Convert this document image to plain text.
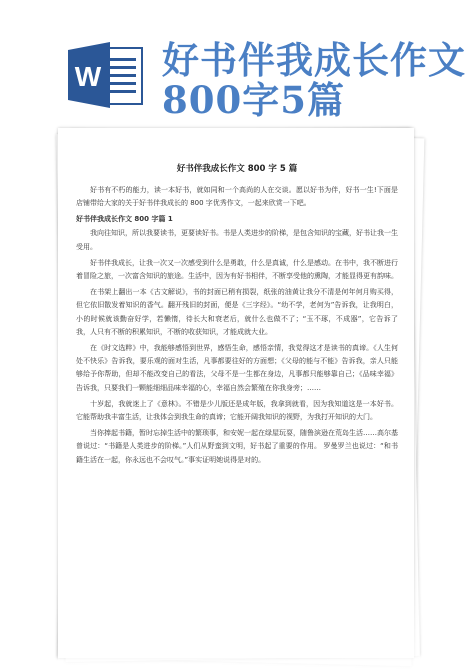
W 好书伴我成长作文
800字5篇
好书伴我成长作文 800 字 5 篇

好书有不朽的能力，读一本好书，就如同和一个高尚的人在交谈。愿以好书为伴，好书一生!下面是店铺带给大家的关于好书伴我成长的 800 字优秀作文，一起来欣赏一下吧。

好书伴我成长作文 800 字篇 1

我向往知识，所以我要读书，更要读好书。书是人类进步的阶梯，是包含知识的宝藏，好书让我一生受用。

好书伴我成长，让我一次又一次感受到什么是勇敢，什么是真诚，什么是感动。在书中，我不断进行着冒险之旅，一次富含知识的旅途。生活中，因为有好书相伴，不断享受他的熏陶，才能显得更有韵味。

在书架上翻出一本《古文解说》，书的封面已稍有损裂，纸张的油黄让我分不清是何年何月购买得，但它依旧散发着知识的香气。翻开残旧的封面，便是《三字经》。“幼不学，老何为”告诉我，让我明白，小的时候就该勤奋好学，若懒惰，待长大和衰老后，就什么也做不了；“玉不琢，不成器”，它告诉了我，人只有不断的积累知识，不断的收获知识，才能成就大业。

在《时文选粹》中，我能够感悟到世界，感悟生命，感悟亲情，我觉得这才是读书的真谛。《人生何处不快乐》告诉我，要乐观的面对生活，凡事都要往好的方面想；《父母的能与不能》告诉我，亲人只能够给予你帮助，但却不能改变自己的看法，父母不是一生都在身边，凡事都只能够靠自己；《品味幸福》告诉我，只要我们一颗能细细品味幸福的心，幸福自然会繁殖在你我身旁；……

十岁起，我就迷上了《意林》。不错是少儿版还是成年版，我拿到就看，因为我知道这是一本好书。 它能帮助我丰富生活，让我体会到我生命的真谛；它能开阔我知识的视野，为我打开知识的大门。

当你捧起书籍，暂时忘掉生活中的繁琐事，和安妮一起在绿屋玩耍，随鲁滨逊在荒岛生活……高尔基曾说过：“书籍是人类进步的阶梯。”人们从野蛮到文明，好书起了重要的作用。 罗曼罗兰也说过：“和书籍生活在一起，你永远也不会叹气。”事实证明她说得是对的。
